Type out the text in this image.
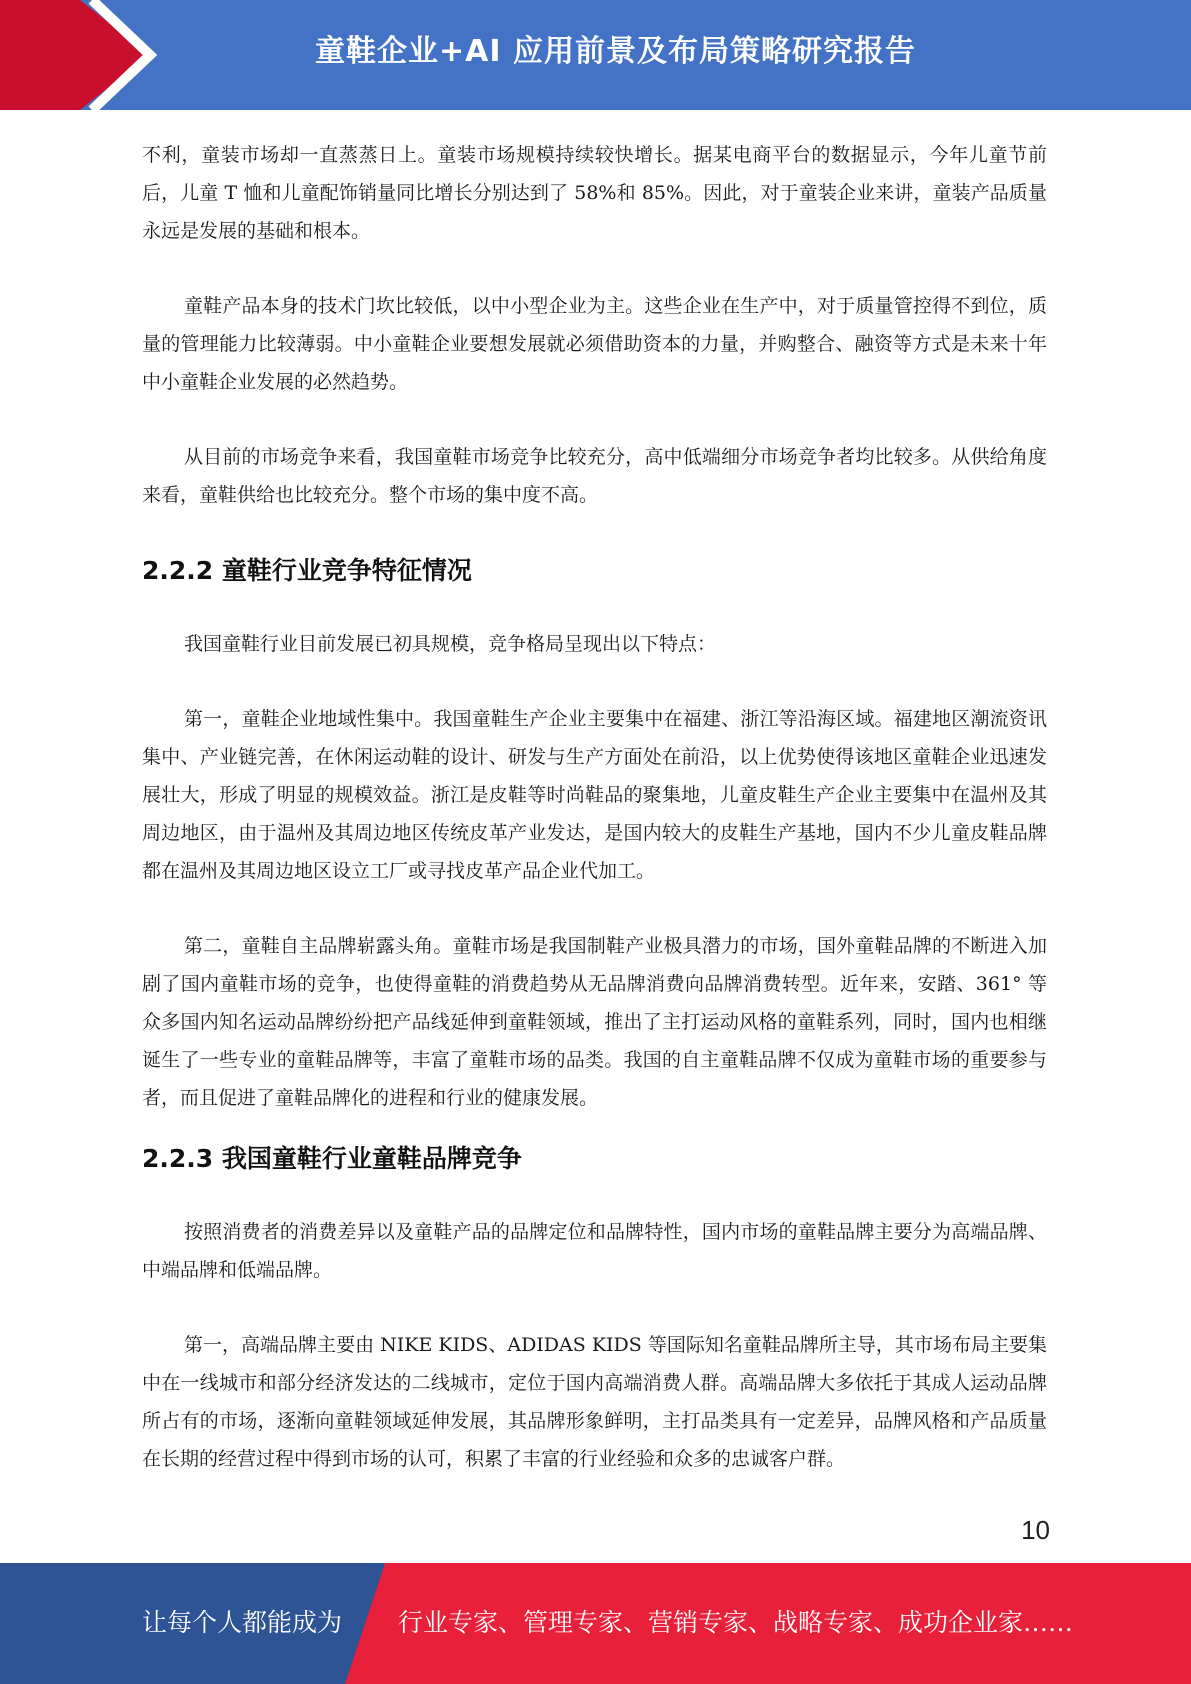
童鞋企业+AI 应用前景及布局策略研究报告

不利，童装市场却一直蒸蒸日上。童装市场规模持续较快增长。据某电商平台的数据显示，今年儿童节前后，儿童 T 恤和儿童配饰销量同比增长分别达到了 58%和 85%。因此，对于童装企业来讲，童装产品质量永远是发展的基础和根本。

童鞋产品本身的技术门坎比较低，以中小型企业为主。这些企业在生产中，对于质量管控得不到位，质量的管理能力比较薄弱。中小童鞋企业要想发展就必须借助资本的力量，并购整合、融资等方式是未来十年中小童鞋企业发展的必然趋势。

从目前的市场竞争来看，我国童鞋市场竞争比较充分，高中低端细分市场竞争者均比较多。从供给角度来看，童鞋供给也比较充分。整个市场的集中度不高。

2.2.2 童鞋行业竞争特征情况

我国童鞋行业目前发展已初具规模，竞争格局呈现出以下特点：

第一，童鞋企业地域性集中。我国童鞋生产企业主要集中在福建、浙江等沿海区域。福建地区潮流资讯集中、产业链完善，在休闲运动鞋的设计、研发与生产方面处在前沿，以上优势使得该地区童鞋企业迅速发展壮大，形成了明显的规模效益。浙江是皮鞋等时尚鞋品的聚集地，儿童皮鞋生产企业主要集中在温州及其周边地区，由于温州及其周边地区传统皮革产业发达，是国内较大的皮鞋生产基地，国内不少儿童皮鞋品牌都在温州及其周边地区设立工厂或寻找皮革产品企业代加工。

第二，童鞋自主品牌崭露头角。童鞋市场是我国制鞋产业极具潜力的市场，国外童鞋品牌的不断进入加剧了国内童鞋市场的竞争，也使得童鞋的消费趋势从无品牌消费向品牌消费转型。近年来，安踏、361° 等众多国内知名运动品牌纷纷把产品线延伸到童鞋领域，推出了主打运动风格的童鞋系列，同时，国内也相继诞生了一些专业的童鞋品牌等，丰富了童鞋市场的品类。我国的自主童鞋品牌不仅成为童鞋市场的重要参与者，而且促进了童鞋品牌化的进程和行业的健康发展。

2.2.3 我国童鞋行业童鞋品牌竞争

按照消费者的消费差异以及童鞋产品的品牌定位和品牌特性，国内市场的童鞋品牌主要分为高端品牌、中端品牌和低端品牌。

第一，高端品牌主要由 NIKE KIDS、ADIDAS KIDS 等国际知名童鞋品牌所主导，其市场布局主要集中在一线城市和部分经济发达的二线城市，定位于国内高端消费人群。高端品牌大多依托于其成人运动品牌所占有的市场，逐渐向童鞋领域延伸发展，其品牌形象鲜明，主打品类具有一定差异，品牌风格和产品质量在长期的经营过程中得到市场的认可，积累了丰富的行业经验和众多的忠诚客户群。

10
让每个人都能成为 行业专家、管理专家、营销专家、战略专家、成功企业家……
